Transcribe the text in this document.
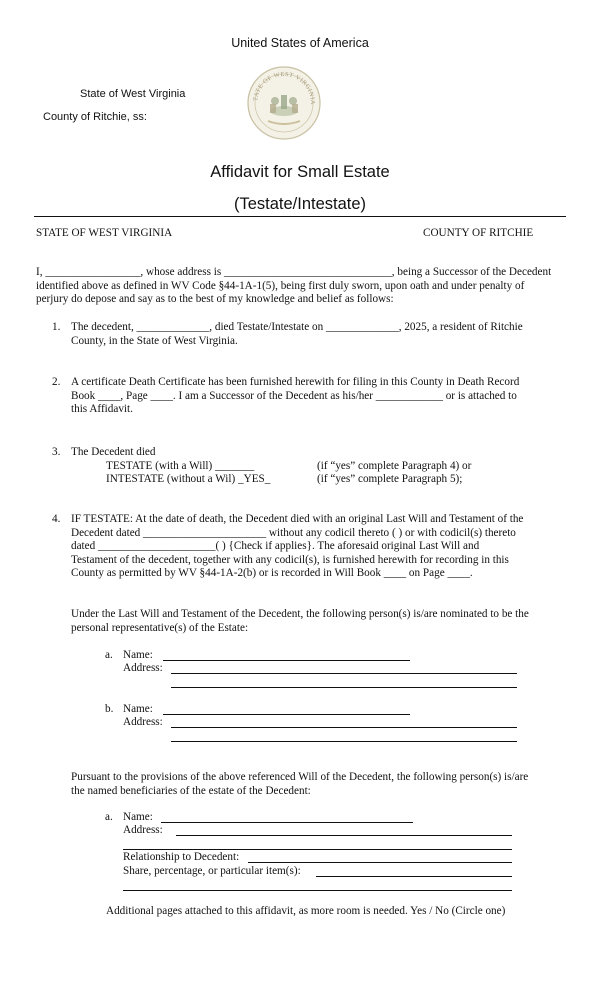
United States of America
State of West Virginia
County of Ritchie, ss:
TATE OF WEST VIRGINIA
Affidavit for Small Estate
(Testate/Intestate)
STATE OF WEST VIRGINIA	COUNTY OF RITCHIE
I, _________________, whose address is ______________________________, being a Successor of the Decedent
identified above as defined in WV Code §44-1A-1(5), being first duly sworn, upon oath and under penalty of
perjury do depose and say as to the best of my knowledge and belief as follows:
1. The decedent, _____________, died Testate/Intestate on _____________, 2025, a resident of Ritchie
County, in the State of West Virginia.
2. A certificate Death Certificate has been furnished herewith for filing in this County in Death Record
Book ____, Page ____. I am a Successor of the Decedent as his/her ____________ or is attached to
this Affidavit.
3. The Decedent died
TESTATE (with a Will) _______	(if “yes” complete Paragraph 4) or
INTESTATE (without a Wil) _YES_	(if “yes” complete Paragraph 5);
4. IF TESTATE: At the date of death, the Decedent died with an original Last Will and Testament of the
Decedent dated ______________________ without any codicil thereto ( ) or with codicil(s) thereto
dated _____________________( ) {Check if applies}. The aforesaid original Last Will and
Testament of the decedent, together with any codicil(s), is furnished herewith for recording in this
County as permitted by WV §44-1A-2(b) or is recorded in Will Book ____ on Page ____.
Under the Last Will and Testament of the Decedent, the following person(s) is/are nominated to be the
personal representative(s) of the Estate:
a. Name:
Address:
b. Name:
Address:
Pursuant to the provisions of the above referenced Will of the Decedent, the following person(s) is/are
the named beneficiaries of the estate of the Decedent:
a. Name:
Address:
Relationship to Decedent:
Share, percentage, or particular item(s):
Additional pages attached to this affidavit, as more room is needed. Yes / No (Circle one)
